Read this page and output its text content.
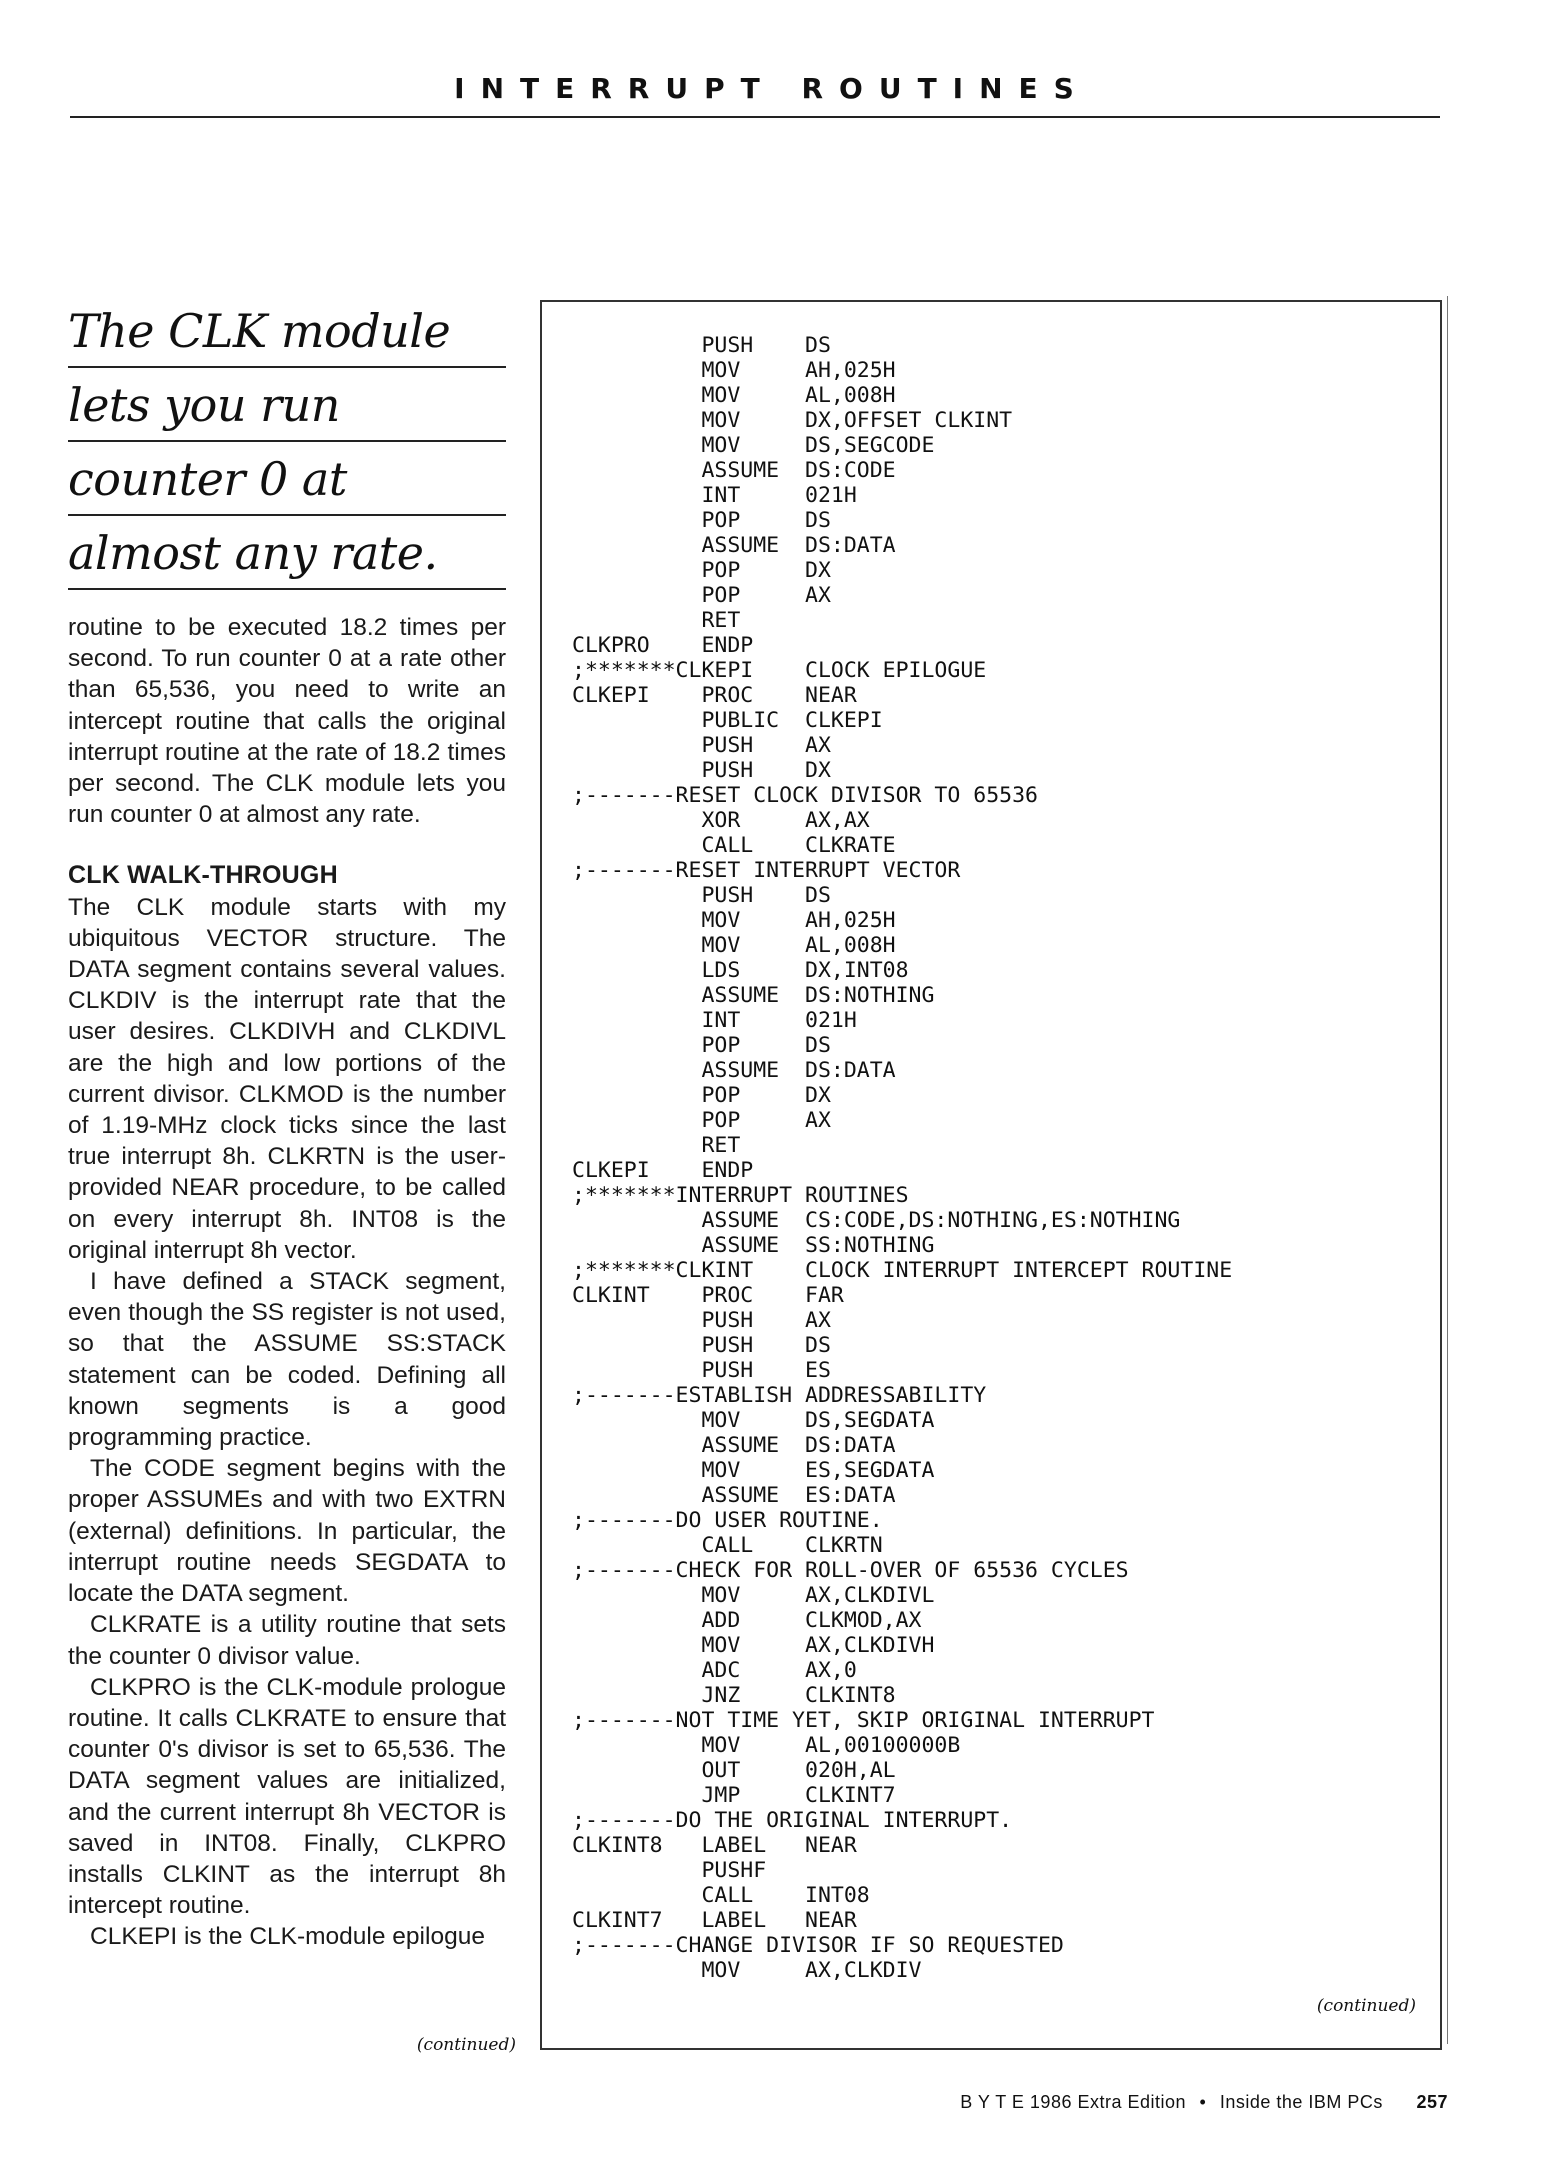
INTERRUPT ROUTINES
The CLK module
lets you run
counter 0 at
almost any rate.

routine to be executed 18.2 times per second. To run counter 0 at a rate other than 65,536, you need to write an intercept routine that calls the original interrupt routine at the rate of 18.2 times per second. The CLK module lets you run counter 0 at almost any rate.

CLK WALK-THROUGH

The CLK module starts with my ubiquitous VECTOR structure. The DATA segment contains several values. CLKDIV is the interrupt rate that the user desires. CLKDIVH and CLKDIVL are the high and low portions of the current divisor. CLKMOD is the number of 1.19-MHz clock ticks since the last true interrupt 8h. CLKRTN is the user-provided NEAR procedure, to be called on every interrupt 8h. INT08 is the original interrupt 8h vector.

I have defined a STACK segment, even though the SS register is not used, so that the ASSUME SS:STACK statement can be coded. Defining all known segments is a good programming practice.

The CODE segment begins with the proper ASSUMEs and with two EXTRN (external) definitions. In particular, the interrupt routine needs SEGDATA to locate the DATA segment.

CLKRATE is a utility routine that sets the counter 0 divisor value.

CLKPRO is the CLK-module prologue routine. It calls CLKRATE to ensure that counter 0's divisor is set to 65,536. The DATA segment values are initialized, and the current interrupt 8h VECTOR is saved in INT08. Finally, CLKPRO installs CLKINT as the interrupt 8h intercept routine.

CLKEPI is the CLK-module epilogue

(continued)
PUSH    DS
MOV     AH,025H
MOV     AL,008H
MOV     DX,OFFSET CLKINT
MOV     DS,SEGCODE
ASSUME  DS:CODE
INT     021H
POP     DS
ASSUME  DS:DATA
POP     DX
POP     AX
RET
CLKPRO    ENDP
;*******CLKEPI    CLOCK EPILOGUE
CLKEPI    PROC    NEAR
PUBLIC  CLKEPI
PUSH    AX
PUSH    DX
;-------RESET CLOCK DIVISOR TO 65536
XOR     AX,AX
CALL    CLKRATE
;-------RESET INTERRUPT VECTOR
PUSH    DS
MOV     AH,025H
MOV     AL,008H
LDS     DX,INT08
ASSUME  DS:NOTHING
INT     021H
POP     DS
ASSUME  DS:DATA
POP     DX
POP     AX
RET
CLKEPI    ENDP
;*******INTERRUPT ROUTINES
ASSUME  CS:CODE,DS:NOTHING,ES:NOTHING
ASSUME  SS:NOTHING
;*******CLKINT    CLOCK INTERRUPT INTERCEPT ROUTINE
CLKINT    PROC    FAR
PUSH    AX
PUSH    DS
PUSH    ES
;-------ESTABLISH ADDRESSABILITY
MOV     DS,SEGDATA
ASSUME  DS:DATA
MOV     ES,SEGDATA
ASSUME  ES:DATA
;-------DO USER ROUTINE.
CALL    CLKRTN
;-------CHECK FOR ROLL-OVER OF 65536 CYCLES
MOV     AX,CLKDIVL
ADD     CLKMOD,AX
MOV     AX,CLKDIVH
ADC     AX,0
JNZ     CLKINT8
;-------NOT TIME YET, SKIP ORIGINAL INTERRUPT
MOV     AL,00100000B
OUT     020H,AL
JMP     CLKINT7
;-------DO THE ORIGINAL INTERRUPT.
CLKINT8   LABEL   NEAR
PUSHF
CALL    INT08
CLKINT7   LABEL   NEAR
;-------CHANGE DIVISOR IF SO REQUESTED
MOV     AX,CLKDIV
(continued)
B Y T E 1986 Extra Edition • Inside the IBM PCs 257
